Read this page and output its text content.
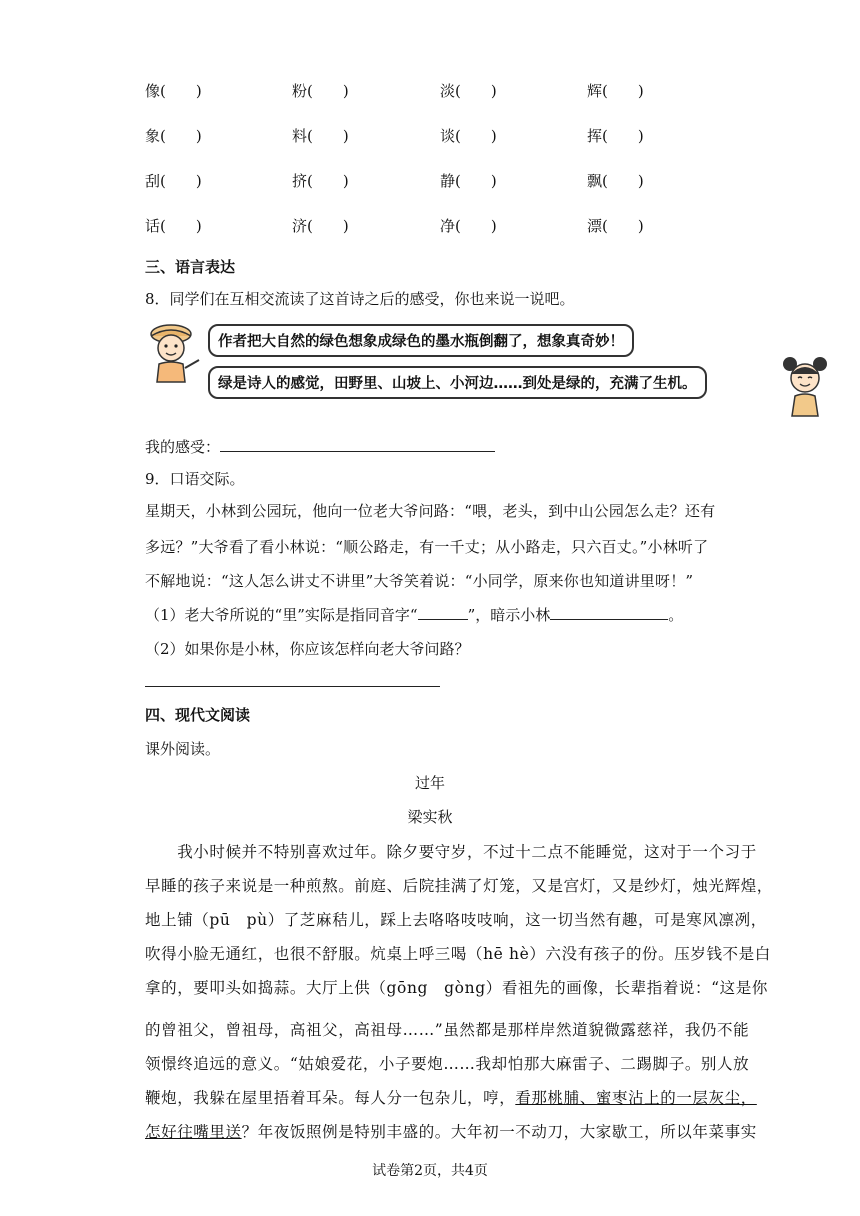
像(　　)	粉(　　)	淡(　　)	辉(　　)
象(　　)	料(　　)	谈(　　)	挥(　　)
刮(　　)	挤(　　)	静(　　)	飘(　　)
话(　　)	济(　　)	净(　　)	漂(　　)
三、语言表达
8．同学们在互相交流读了这首诗之后的感受，你也来说一说吧。
作者把大自然的绿色想象成绿色的墨水瓶倒翻了，想象真奇妙！
绿是诗人的感觉，田野里、山坡上、小河边……到处是绿的，充满了生机。
我的感受：
9．口语交际。
星期天，小林到公园玩，他向一位老大爷问路：“喂，老头，到中山公园怎么走？还有
多远？”大爷看了看小林说：“顺公路走，有一千丈；从小路走，只六百丈。”小林听了
不解地说：“这人怎么讲丈不讲里”大爷笑着说：“小同学，原来你也知道讲里呀！”
（1）老大爷所说的“里”实际是指同音字“	”，暗示小林	。
（2）如果你是小林，你应该怎样向老大爷问路？
四、现代文阅读
课外阅读。
过年
梁实秋
　　我小时候并不特别喜欢过年。除夕要守岁，不过十二点不能睡觉，这对于一个习于
早睡的孩子来说是一种煎熬。前庭、后院挂满了灯笼，又是宫灯，又是纱灯，烛光辉煌，
地上铺（pū　pù）了芝麻秸儿，踩上去咯咯吱吱响，这一切当然有趣，可是寒风凛冽，
吹得小脸无通红，也很不舒服。炕桌上呼三喝（hē hè）六没有孩子的份。压岁钱不是白
拿的，要叩头如捣蒜。大厅上供（gōng　gòng）看祖先的画像，长辈指着说：“这是你
的曾祖父，曾祖母，高祖父，高祖母……”虽然都是那样岸然道貌微露慈祥，我仍不能
领憬终追远的意义。“姑娘爱花，小子要炮……我却怕那大麻雷子、二踢脚子。别人放
鞭炮，我躲在屋里捂着耳朵。每人分一包杂儿，哼，看那桃脯、蜜枣沾上的一层灰尘，
怎好往嘴里送？年夜饭照例是特别丰盛的。大年初一不动刀，大家歇工，所以年菜事实
试卷第2页，共4页
